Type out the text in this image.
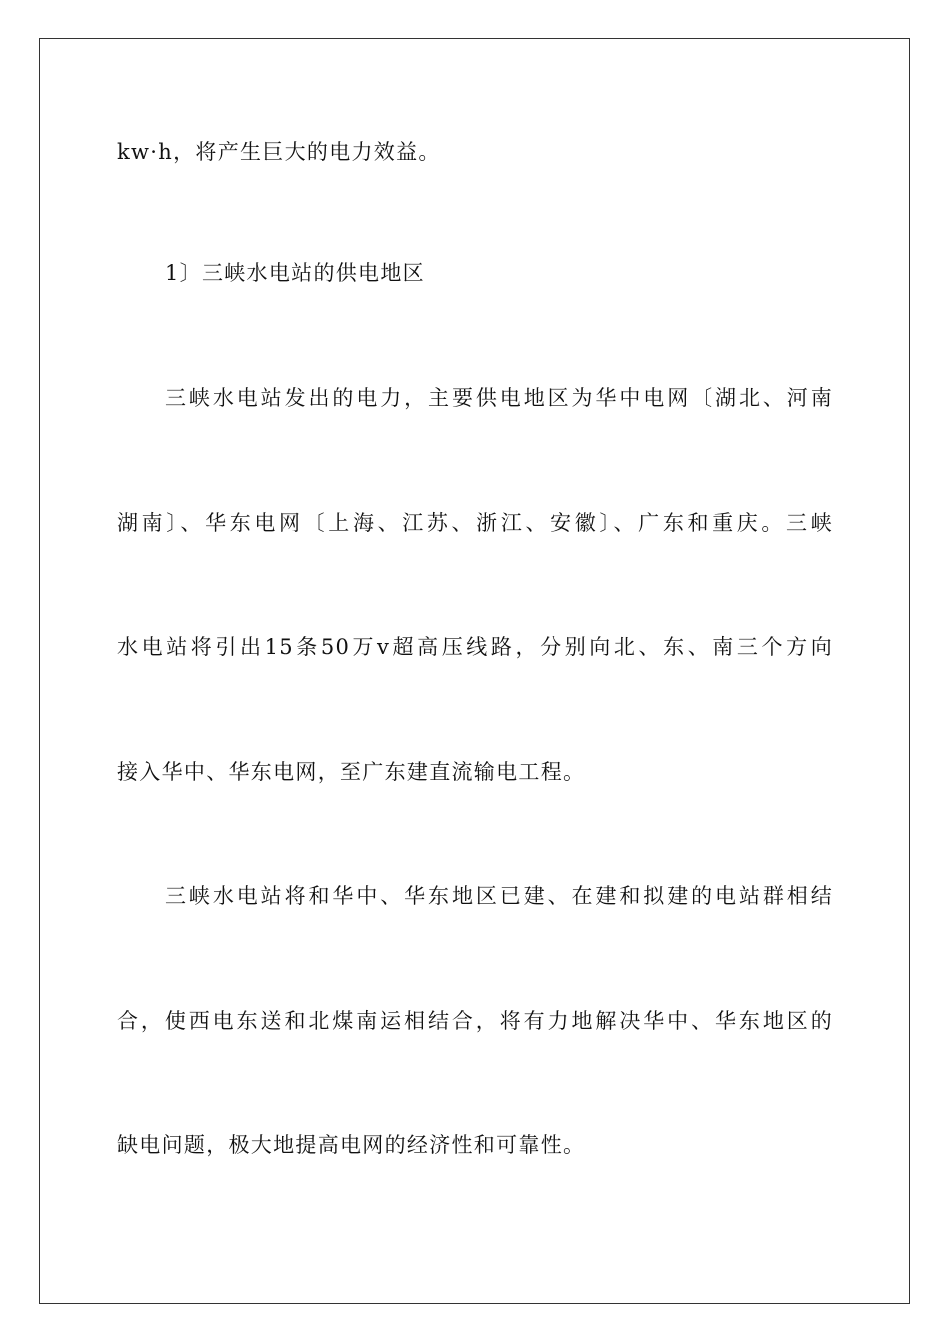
kw·h，将产生巨大的电力效益。
1〕三峡水电站的供电地区
三峡水电站发出的电力，主要供电地区为华中电网〔湖北、河南
湖南〕、华东电网〔上海、江苏、浙江、安徽〕、广东和重庆。三峡
水电站将引出15条50万v超高压线路，分别向北、东、南三个方向
接入华中、华东电网，至广东建直流输电工程。
三峡水电站将和华中、华东地区已建、在建和拟建的电站群相结
合，使西电东送和北煤南运相结合，将有力地解决华中、华东地区的
缺电问题，极大地提高电网的经济性和可靠性。
